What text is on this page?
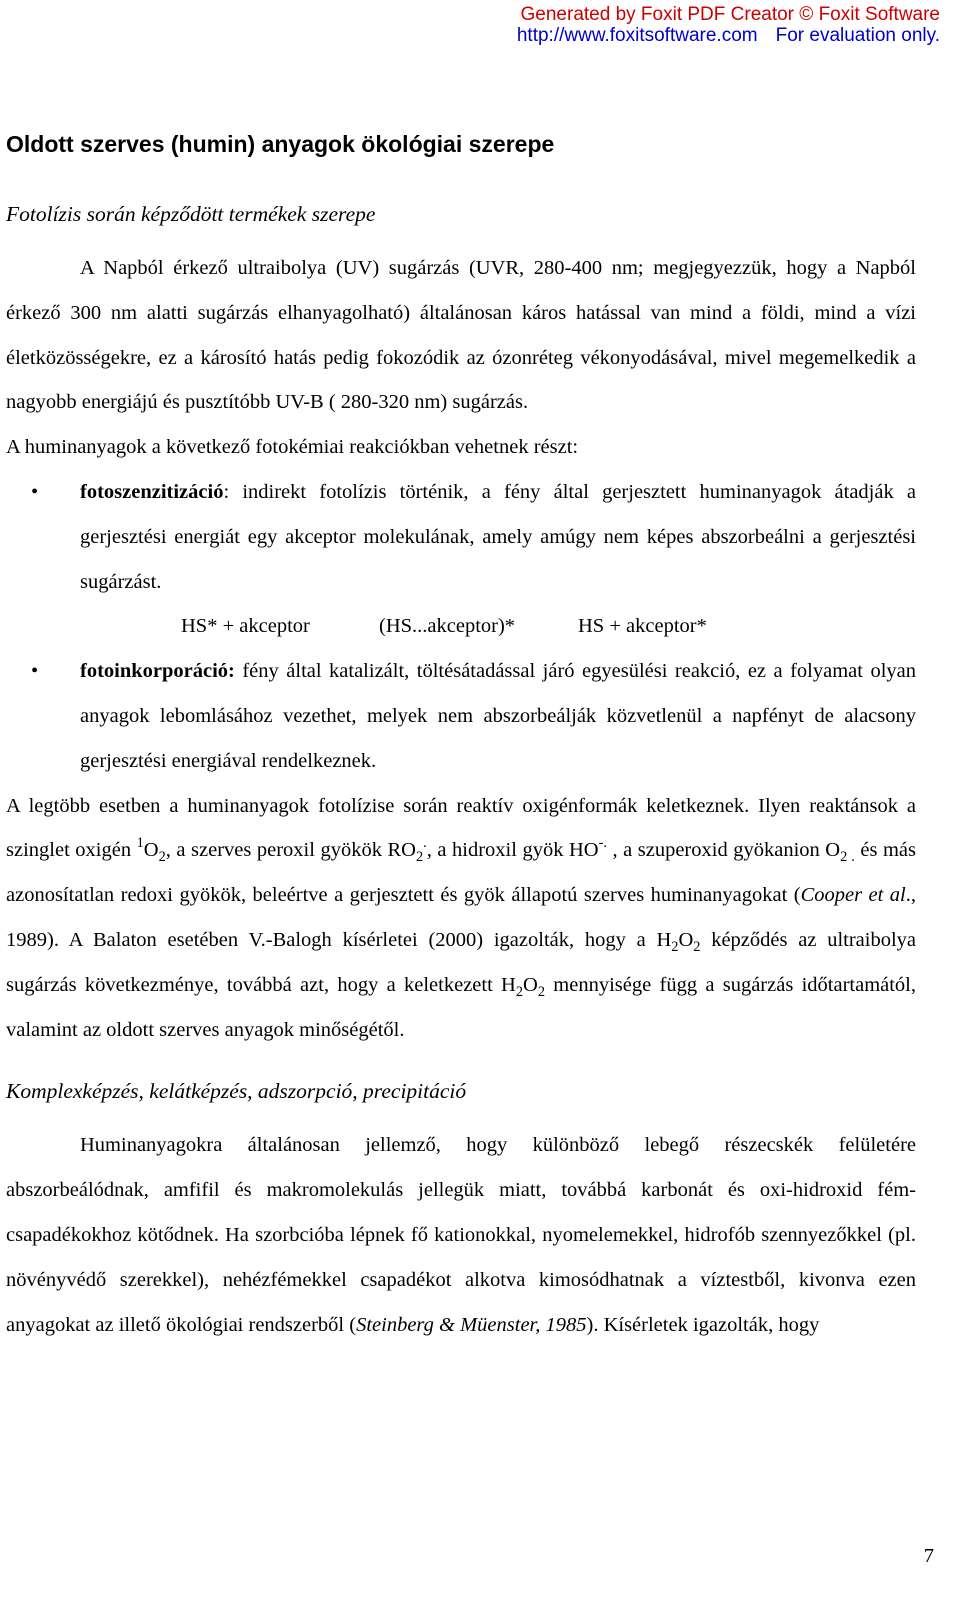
Generated by Foxit PDF Creator © Foxit Software
http://www.foxitsoftware.com For evaluation only.
Oldott szerves (humin) anyagok ökológiai szerepe
Fotolízis során képződött termékek szerepe

A Napból érkező ultraibolya (UV) sugárzás (UVR, 280-400 nm; megjegyezzük, hogy a Napból érkező 300 nm alatti sugárzás elhanyagolható) általánosan káros hatással van mind a földi, mind a vízi életközösségekre, ez a károsító hatás pedig fokozódik az ózonréteg vékonyodásával, mivel megemelkedik a nagyobb energiájú és pusztítóbb UV-B ( 280-320 nm) sugárzás.

A huminanyagok a következő fotokémiai reakciókban vehetnek részt:

• fotoszenzitizáció: indirekt fotolízis történik, a fény által gerjesztett huminanyagok átadják a gerjesztési energiát egy akceptor molekulának, amely amúgy nem képes abszorbeálni a gerjesztési sugárzást.
HS* + akceptor	(HS...akceptor)*	HS + akceptor*
• fotoinkorporáció: fény által katalizált, töltésátadással járó egyesülési reakció, ez a folyamat olyan anyagok lebomlásához vezethet, melyek nem abszorbeálják közvetlenül a napfényt de alacsony gerjesztési energiával rendelkeznek.

A legtöbb esetben a huminanyagok fotolízise során reaktív oxigénformák keletkeznek. Ilyen reaktánsok a szinglet oxigén $^1O_2$, a szerves peroxil gyökök $RO_2^.$, a hidroxil gyök HO-. , a szuperoxid gyökanion $O_{2 .}$ és más azonosítatlan redoxi gyökök, beleértve a gerjesztett és gyök állapotú szerves huminanyagokat (Cooper et al., 1989). A Balaton esetében V.-Balogh kísérletei (2000) igazolták, hogy a $H_2O_2$ képződés az ultraibolya sugárzás következménye, továbbá azt, hogy a keletkezett $H_2O_2$ mennyisége függ a sugárzás időtartamától, valamint az oldott szerves anyagok minőségétől.

Komplexképzés, kelátképzés, adszorpció, precipitáció

Huminanyagokra általánosan jellemző, hogy különböző lebegő részecskék felületére abszorbeálódnak, amfifil és makromolekulás jellegük miatt, továbbá karbonát és oxi-hidroxid fém-csapadékokhoz kötődnek. Ha szorbcióba lépnek fő kationokkal, nyomelemekkel, hidrofób szennyezőkkel (pl. növényvédő szerekkel), nehézfémekkel csapadékot alkotva kimosódhatnak a víztestből, kivonva ezen anyagokat az illető ökológiai rendszerből (Steinberg & Müenster, 1985). Kísérletek igazolták, hogy

7
